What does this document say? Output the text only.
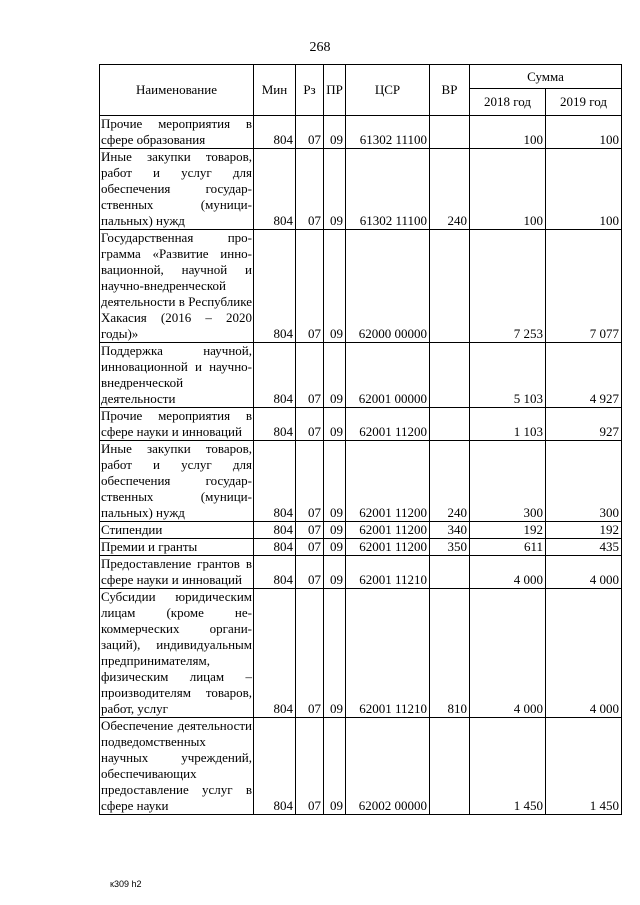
268
Наименование	Мин	Рз	ПР	ЦСР	ВР	Сумма	
						2018 год	2019 год
Прочие мероприятия в сфере образования	804	07	09	61302 11100		100	100
Иные закупки товаров, работ и услуг для обеспечения государственных (муниципальных) нужд	804	07	09	61302 11100	240	100	100
Государственная программа «Развитие инновационной, научной и научно-внедренческой деятельности в Республике Хакасия (2016 – 2020 годы)»	804	07	09	62000 00000		7 253	7 077
Поддержка научной, инновационной и научно-внедренческой деятельности	804	07	09	62001 00000		5 103	4 927
Прочие мероприятия в сфере науки и инноваций	804	07	09	62001 11200		1 103	927
Иные закупки товаров, работ и услуг для обеспечения государственных (муниципальных) нужд	804	07	09	62001 11200	240	300	300
Стипендии	804	07	09	62001 11200	340	192	192
Премии и гранты	804	07	09	62001 11200	350	611	435
Предоставление грантов в сфере науки и инноваций	804	07	09	62001 11210		4 000	4 000
Субсидии юридическим лицам (кроме некоммерческих организаций), индивидуальным предпринимателям, физическим лицам – производителям товаров, работ, услуг	804	07	09	62001 11210	810	4 000	4 000
Обеспечение деятельности подведомственных научных учреждений, обеспечивающих предоставление услуг в сфере науки	804	07	09	62002 00000		1 450	1 450
к309 h2
